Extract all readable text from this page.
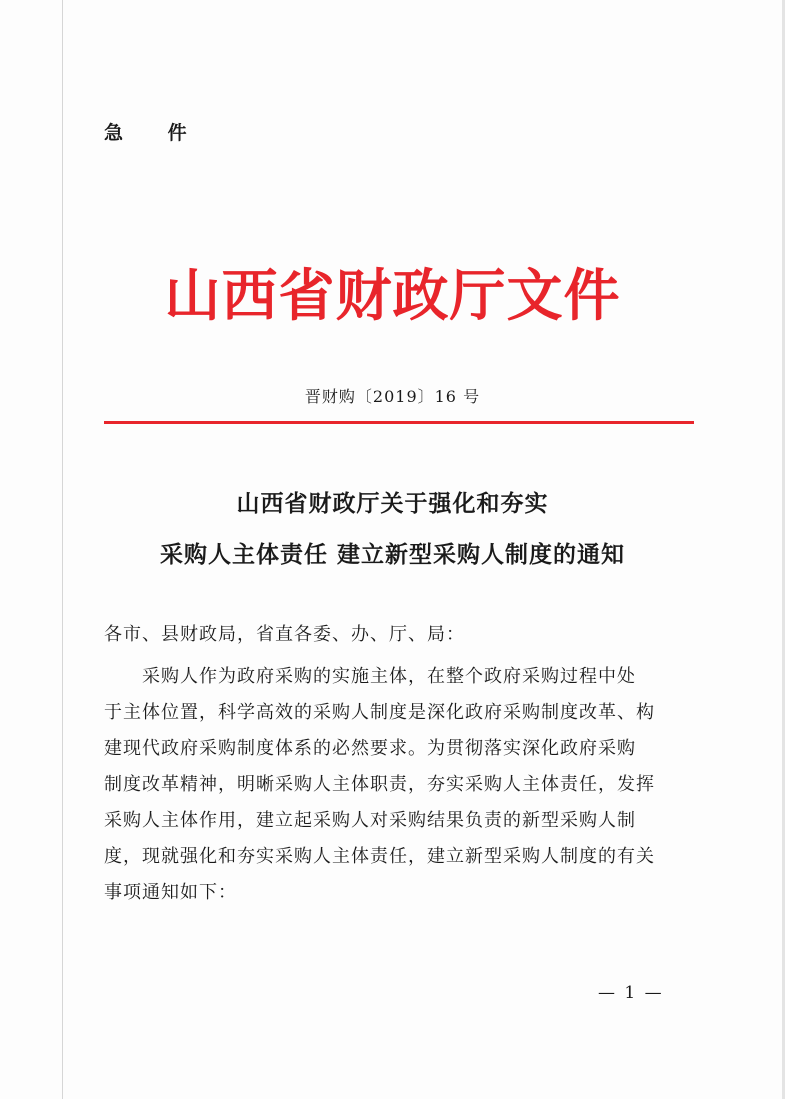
急 件
山西省财政厅文件
晋财购〔2019〕16 号
山西省财政厅关于强化和夯实
采购人主体责任 建立新型采购人制度的通知
各市、县财政局，省直各委、办、厅、局：
　　采购人作为政府采购的实施主体，在整个政府采购过程中处
于主体位置，科学高效的采购人制度是深化政府采购制度改革、构
建现代政府采购制度体系的必然要求。为贯彻落实深化政府采购
制度改革精神，明晰采购人主体职责，夯实采购人主体责任，发挥
采购人主体作用，建立起采购人对采购结果负责的新型采购人制
度，现就强化和夯实采购人主体责任，建立新型采购人制度的有关
事项通知如下：
— 1 —
